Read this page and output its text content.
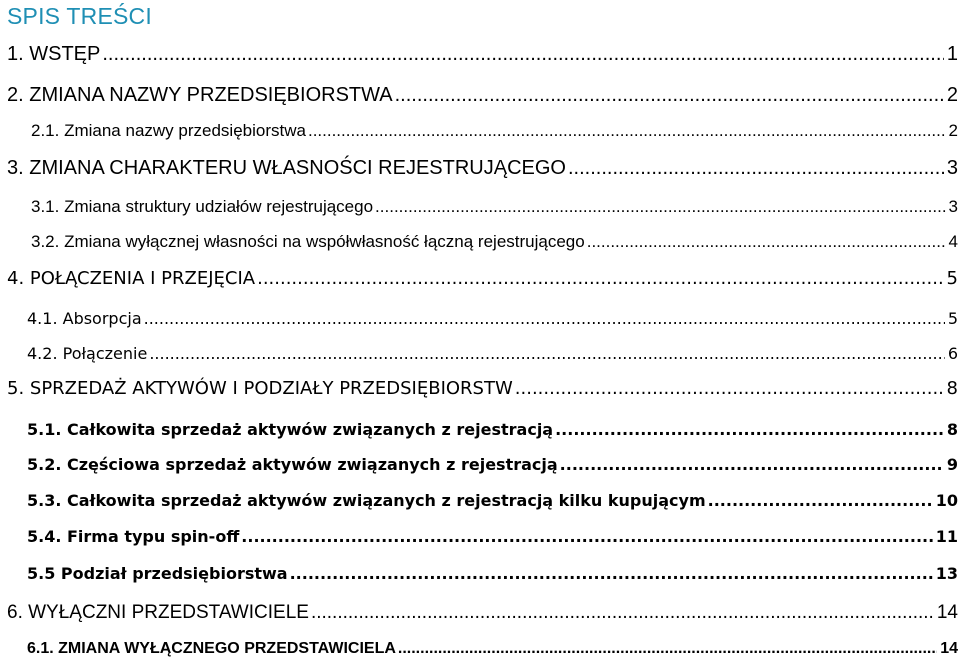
SPIS TREŚCI
1. WSTĘP .....	1
2. ZMIANA NAZWY PRZEDSIĘBIORSTWA .....	2
2.1. Zmiana nazwy przedsiębiorstwa .....	2
3. ZMIANA CHARAKTERU WŁASNOŚCI REJESTRUJĄCEGO .....	3
3.1. Zmiana struktury udziałów rejestrującego .....	3
3.2. Zmiana wyłącznej własności na współwłasność łączną rejestrującego .....	4
4. POŁĄCZENIA I PRZEJĘCIA .....	5
4.1. Absorpcja .....	5
4.2. Połączenie .....	6
5. SPRZEDAŻ AKTYWÓW I PODZIAŁY PRZEDSIĘBIORSTW .....	8
5.1. Całkowita sprzedaż aktywów związanych z rejestracją .....	8
5.2. Częściowa sprzedaż aktywów związanych z rejestracją .....	9
5.3. Całkowita sprzedaż aktywów związanych z rejestracją kilku kupującym .....	10
5.4. Firma typu spin-off .....	11
5.5 Podział przedsiębiorstwa .....	13
6. WYŁĄCZNI PRZEDSTAWICIELE .....	14
6.1. ZMIANA WYŁĄCZNEGO PRZEDSTAWICIELA .....	14
